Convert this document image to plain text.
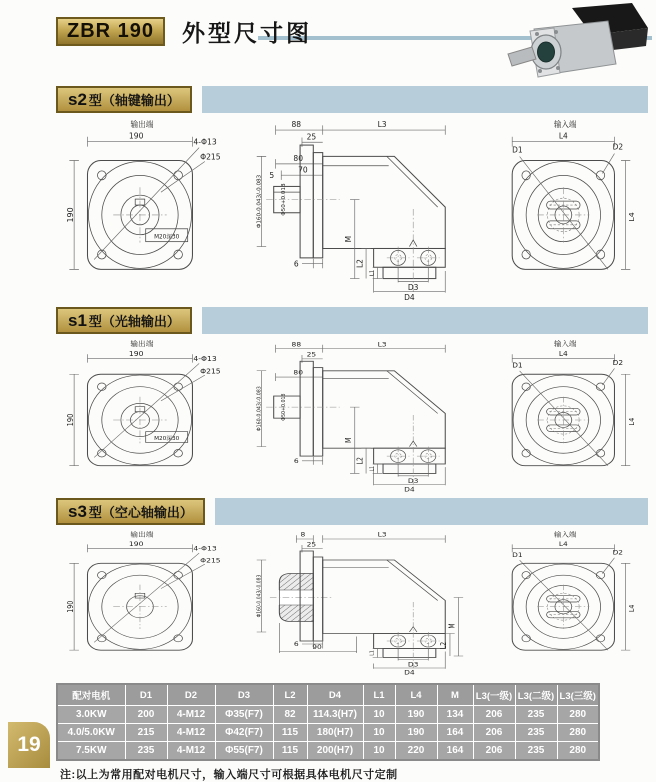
ZBR 190	外型尺寸图
s2 型（轴键输出）
输出端
190
190
4-Φ13
Φ215
M20深30
88	L3
25
80
70
5
Φ160-0.043/-0.083	Φ50+0.018
6
M
L2
L1
D3
D4
输入端
L4
L4
D1	D2
s1 型（光轴输出）
输出端
190
190
4-Φ13
Φ215
M20深30
88	L3
25
80
Φ160-0.043/-0.083	Φ50+0.018
6
M
L2
L1
D3
D4
输入端
L4
L4
D1	D2
s3 型（空心轴输出）
输出端
190
190
4-Φ13
Φ215
8	L3
25
Φ160-0.043/-0.083
6 90
M
L2
L1
D3
D4
输入端
L4
L4
D1	D2
配对电机	D1	D2	D3	L2	D4	L1	L4	M	L3(一级)	L3(二级)	L3(三级)
3.0KW	200	4-M12	Φ35(F7)	82	114.3(H7)	10	190	134	206	235	280
4.0/5.0KW	215	4-M12	Φ42(F7)	115	180(H7)	10	190	164	206	235	280
7.5KW	235	4-M12	Φ55(F7)	115	200(H7)	10	220	164	206	235	280
注:以上为常用配对电机尺寸，输入端尺寸可根据具体电机尺寸定制
19
